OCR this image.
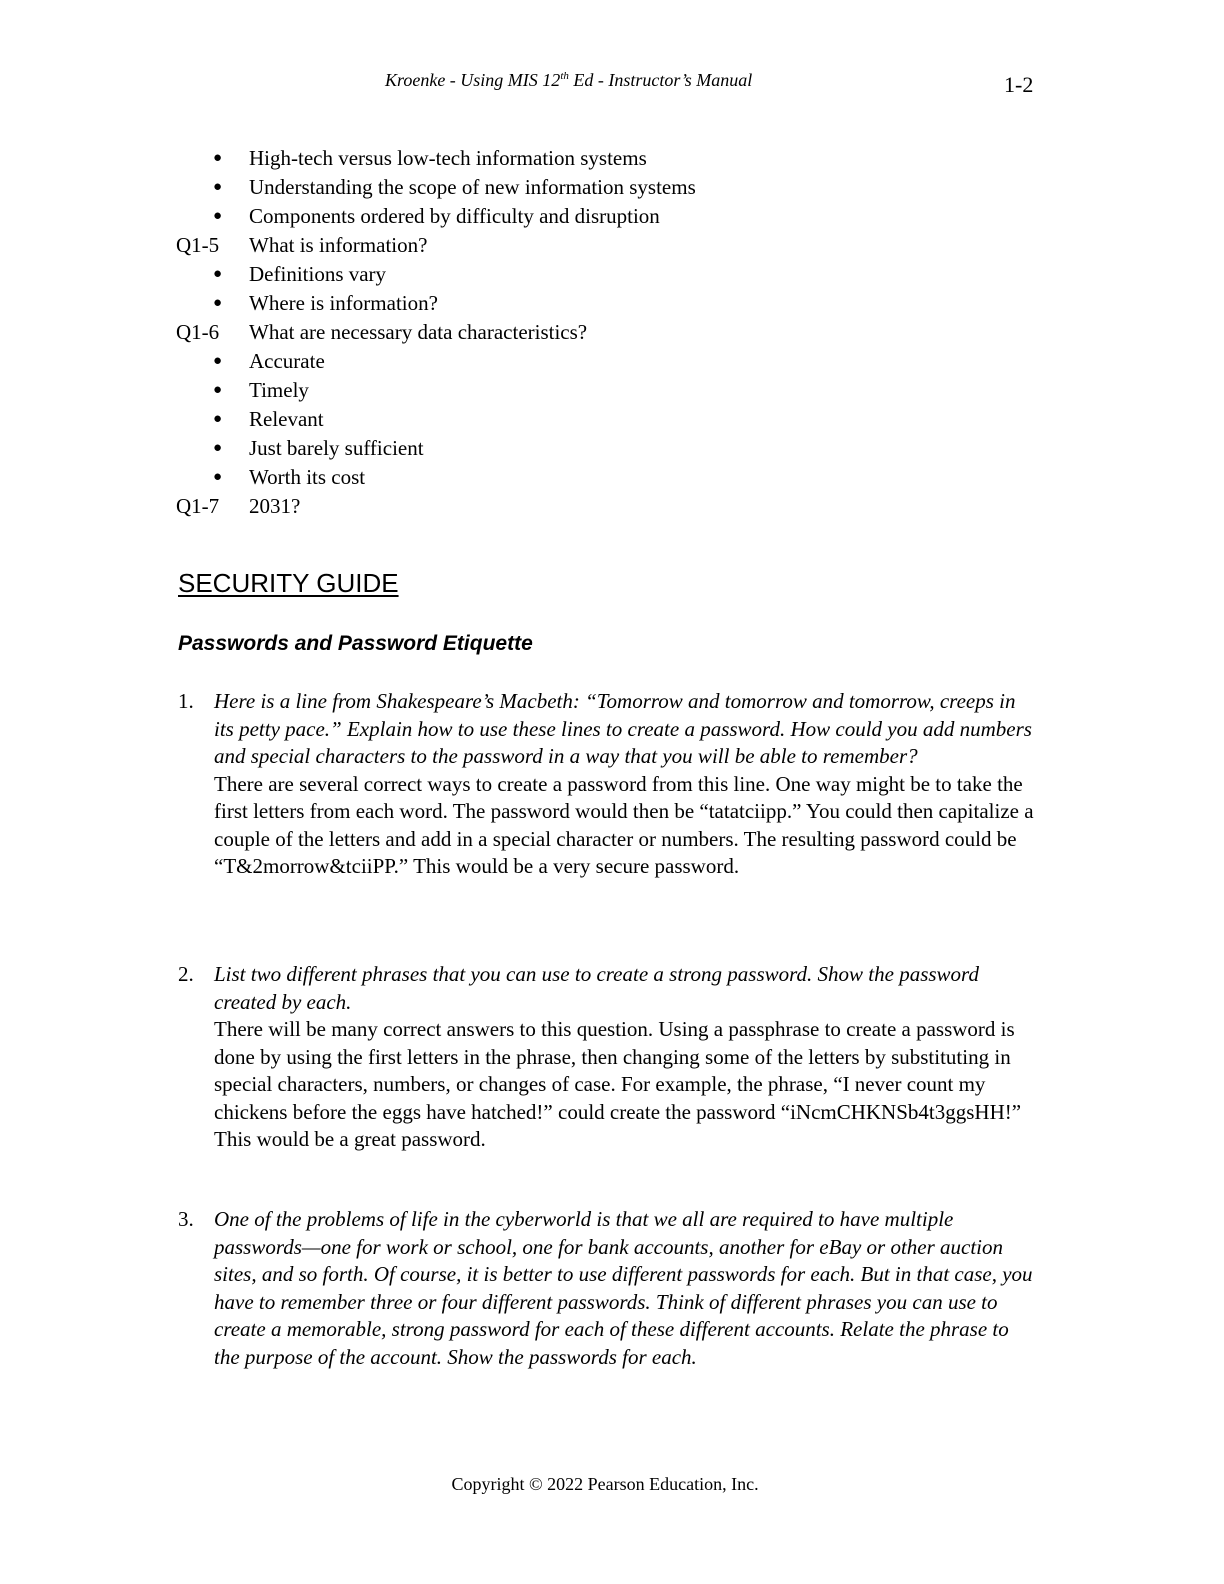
Kroenke - Using MIS 12th Ed - Instructor’s Manual	1-2
● High-tech versus low-tech information systems
● Understanding the scope of new information systems
● Components ordered by difficulty and disruption
Q1-5 What is information?
● Definitions vary
● Where is information?
Q1-6 What are necessary data characteristics?
● Accurate
● Timely
● Relevant
● Just barely sufficient
● Worth its cost
Q1-7 2031?
SECURITY GUIDE
Passwords and Password Etiquette
1. Here is a line from Shakespeare’s Macbeth: “Tomorrow and tomorrow and tomorrow, creeps in its petty pace.” Explain how to use these lines to create a password. How could you add numbers and special characters to the password in a way that you will be able to remember?

There are several correct ways to create a password from this line. One way might be to take the first letters from each word. The password would then be “tatatciipp.” You could then capitalize a couple of the letters and add in a special character or numbers. The resulting password could be “T&2morrow&tciiPP.” This would be a very secure password.

2. List two different phrases that you can use to create a strong password. Show the password created by each.

There will be many correct answers to this question. Using a passphrase to create a password is done by using the first letters in the phrase, then changing some of the letters by substituting in special characters, numbers, or changes of case. For example, the phrase, “I never count my chickens before the eggs have hatched!” could create the password “iNcmCHKNSb4t3ggsHH!” This would be a great password.

3. One of the problems of life in the cyberworld is that we all are required to have multiple passwords—one for work or school, one for bank accounts, another for eBay or other auction sites, and so forth. Of course, it is better to use different passwords for each. But in that case, you have to remember three or four different passwords. Think of different phrases you can use to create a memorable, strong password for each of these different accounts. Relate the phrase to the purpose of the account. Show the passwords for each.

Copyright © 2022 Pearson Education, Inc.
